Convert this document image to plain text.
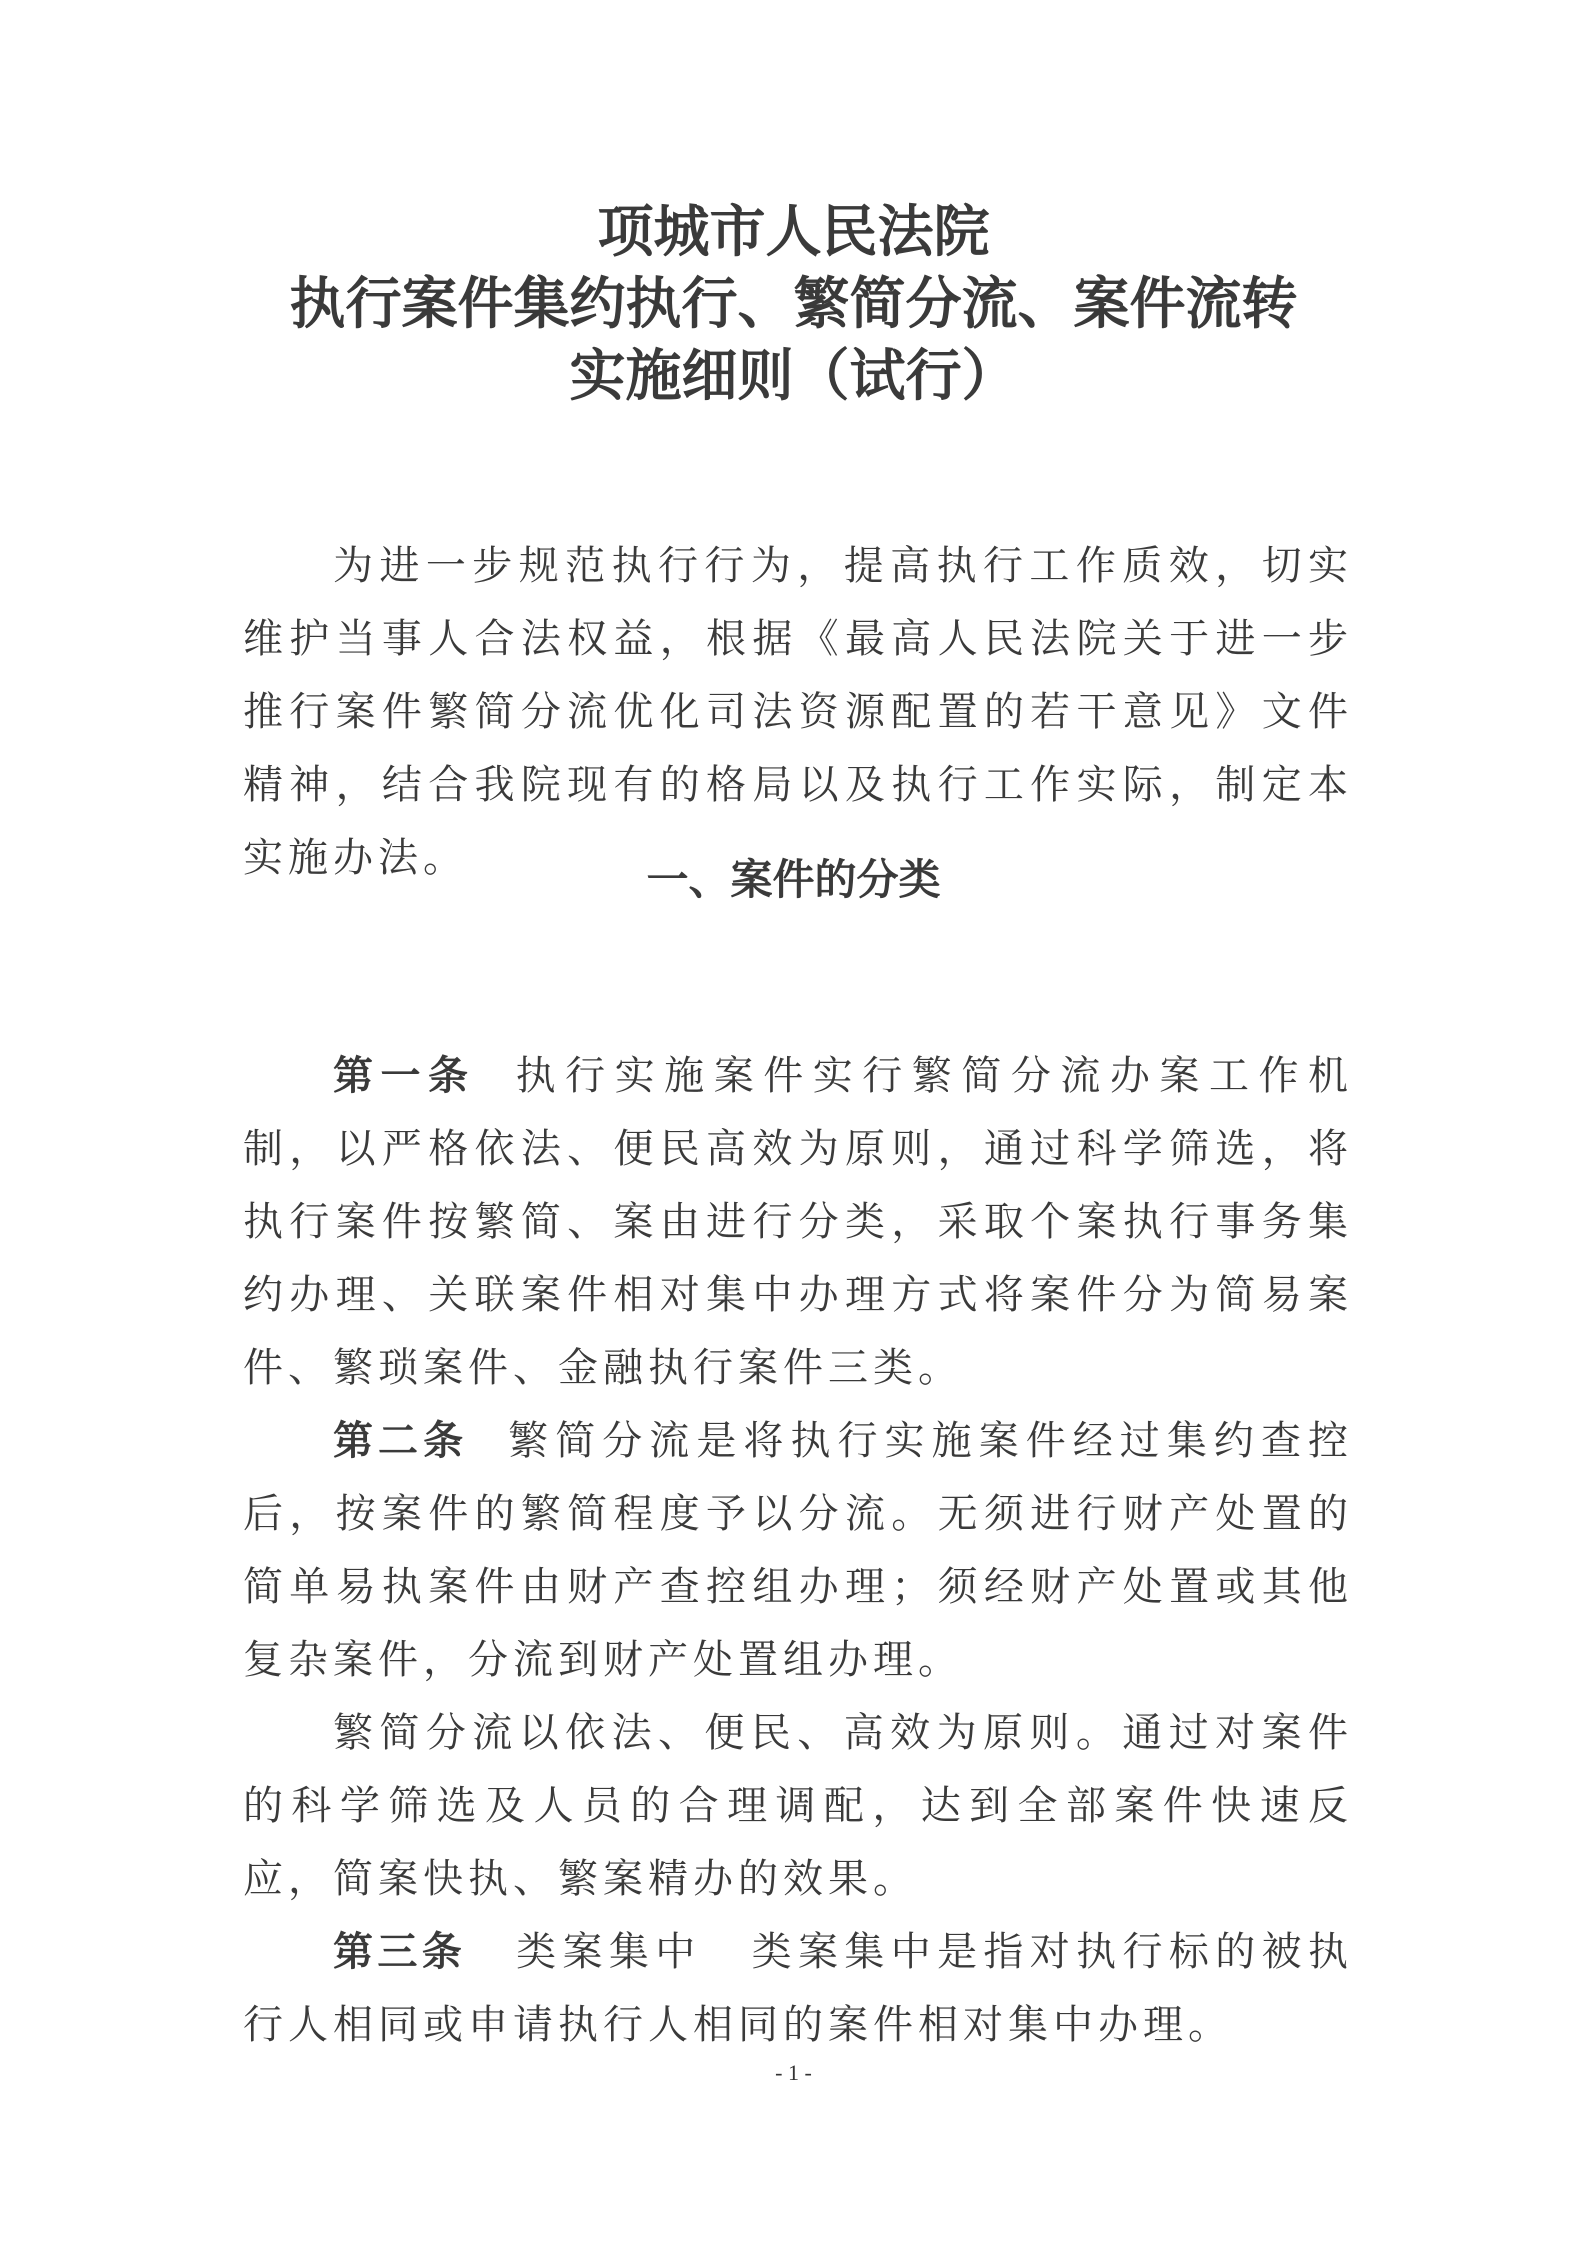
项城市人民法院
执行案件集约执行、繁简分流、案件流转
实施细则（试行）

为进一步规范执行行为，提高执行工作质效，切实维护当事人合法权益，根据《最高人民法院关于进一步推行案件繁简分流优化司法资源配置的若干意见》文件精神，结合我院现有的格局以及执行工作实际，制定本实施办法。	一、案件的分类

第一条 执行实施案件实行繁简分流办案工作机制，以严格依法、便民高效为原则，通过科学筛选，将执行案件按繁简、案由进行分类，采取个案执行事务集约办理、关联案件相对集中办理方式将案件分为简易案件、繁琐案件、金融执行案件三类。

第二条 繁简分流是将执行实施案件经过集约查控后，按案件的繁简程度予以分流。无须进行财产处置的简单易执案件由财产查控组办理；须经财产处置或其他复杂案件，分流到财产处置组办理。

繁简分流以依法、便民、高效为原则。通过对案件的科学筛选及人员的合理调配，达到全部案件快速反应，简案快执、繁案精办的效果。

第三条 类案集中 类案集中是指对执行标的被执行人相同或申请执行人相同的案件相对集中办理。

- 1 -
